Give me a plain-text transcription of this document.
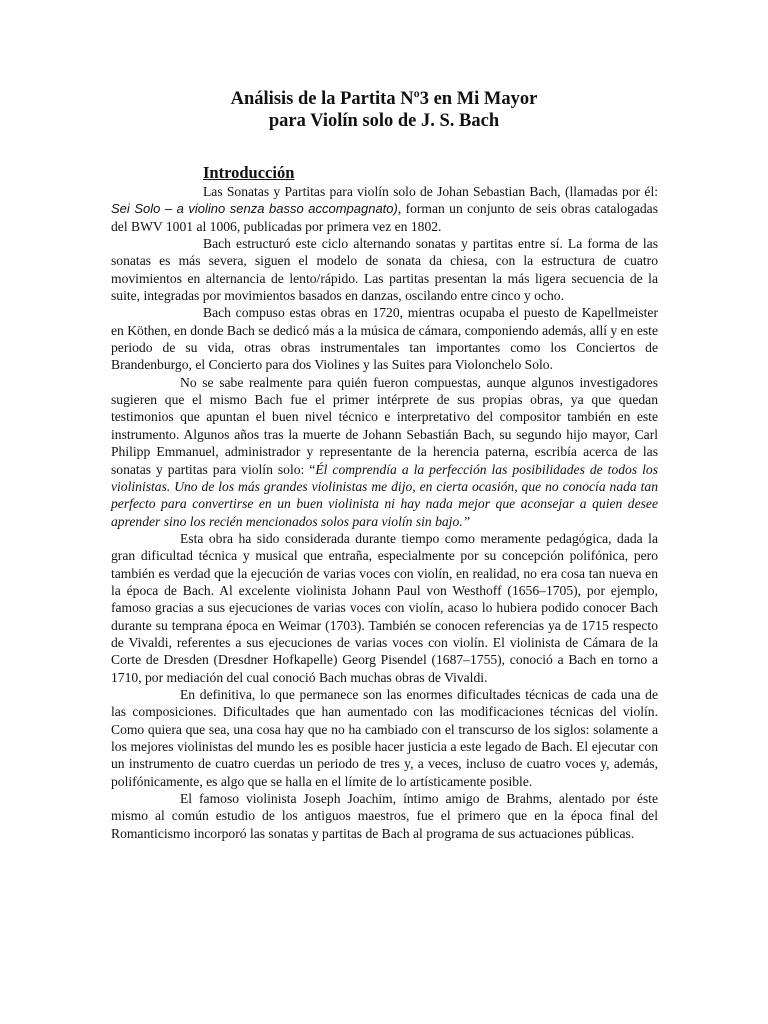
Análisis de la Partita Nº3 en Mi Mayor
para Violín solo de J. S. Bach
Introducción

Las Sonatas y Partitas para violín solo de Johan Sebastian Bach, (llamadas por él: Sei Solo – a violino senza basso accompagnato), forman un conjunto de seis obras catalogadas del BWV 1001 al 1006, publicadas por primera vez en 1802.

Bach estructuró este ciclo alternando sonatas y partitas entre sí. La forma de las sonatas es más severa, siguen el modelo de sonata da chiesa, con la estructura de cuatro movimientos en alternancia de lento/rápido. Las partitas presentan la más ligera secuencia de la suite, integradas por movimientos basados en danzas, oscilando entre cinco y ocho.

Bach compuso estas obras en 1720, mientras ocupaba el puesto de Kapellmeister en Köthen, en donde Bach se dedicó más a la música de cámara, componiendo además, allí y en este periodo de su vida, otras obras instrumentales tan importantes como los Conciertos de Brandenburgo, el Concierto para dos Violines y las Suites para Violonchelo Solo.

No se sabe realmente para quién fueron compuestas, aunque algunos investigadores sugieren que el mismo Bach fue el primer intérprete de sus propias obras, ya que quedan testimonios que apuntan el buen nivel técnico e interpretativo del compositor también en este instrumento. Algunos años tras la muerte de Johann Sebastián Bach, su segundo hijo mayor, Carl Philipp Emmanuel, administrador y representante de la herencia paterna, escribía acerca de las sonatas y partitas para violín solo: “Él comprendía a la perfección las posibilidades de todos los violinistas. Uno de los más grandes violinistas me dijo, en cierta ocasión, que no conocía nada tan perfecto para convertirse en un buen violinista ni hay nada mejor que aconsejar a quien desee aprender sino los recién mencionados solos para violín sin bajo.”

Esta obra ha sido considerada durante tiempo como meramente pedagógica, dada la gran dificultad técnica y musical que entraña, especialmente por su concepción polifónica, pero también es verdad que la ejecución de varias voces con violín, en realidad, no era cosa tan nueva en la época de Bach. Al excelente violinista Johann Paul von Westhoff (1656–1705), por ejemplo, famoso gracias a sus ejecuciones de varias voces con violín, acaso lo hubiera podido conocer Bach durante su temprana época en Weimar (1703). También se conocen referencias ya de 1715 respecto de Vivaldi, referentes a sus ejecuciones de varias voces con violín. El violinista de Cámara de la Corte de Dresden (Dresdner Hofkapelle) Georg Pisendel (1687–1755), conoció a Bach en torno a 1710, por mediación del cual conoció Bach muchas obras de Vivaldi.

En definitiva, lo que permanece son las enormes dificultades técnicas de cada una de las composiciones. Dificultades que han aumentado con las modificaciones técnicas del violín. Como quiera que sea, una cosa hay que no ha cambiado con el transcurso de los siglos: solamente a los mejores violinistas del mundo les es posible hacer justicia a este legado de Bach. El ejecutar con un instrumento de cuatro cuerdas un periodo de tres y, a veces, incluso de cuatro voces y, además, polifónicamente, es algo que se halla en el límite de lo artísticamente posible.

El famoso violinista Joseph Joachim, íntimo amigo de Brahms, alentado por éste mismo al común estudio de los antiguos maestros, fue el primero que en la época final del Romanticismo incorporó las sonatas y partitas de Bach al programa de sus actuaciones públicas.
